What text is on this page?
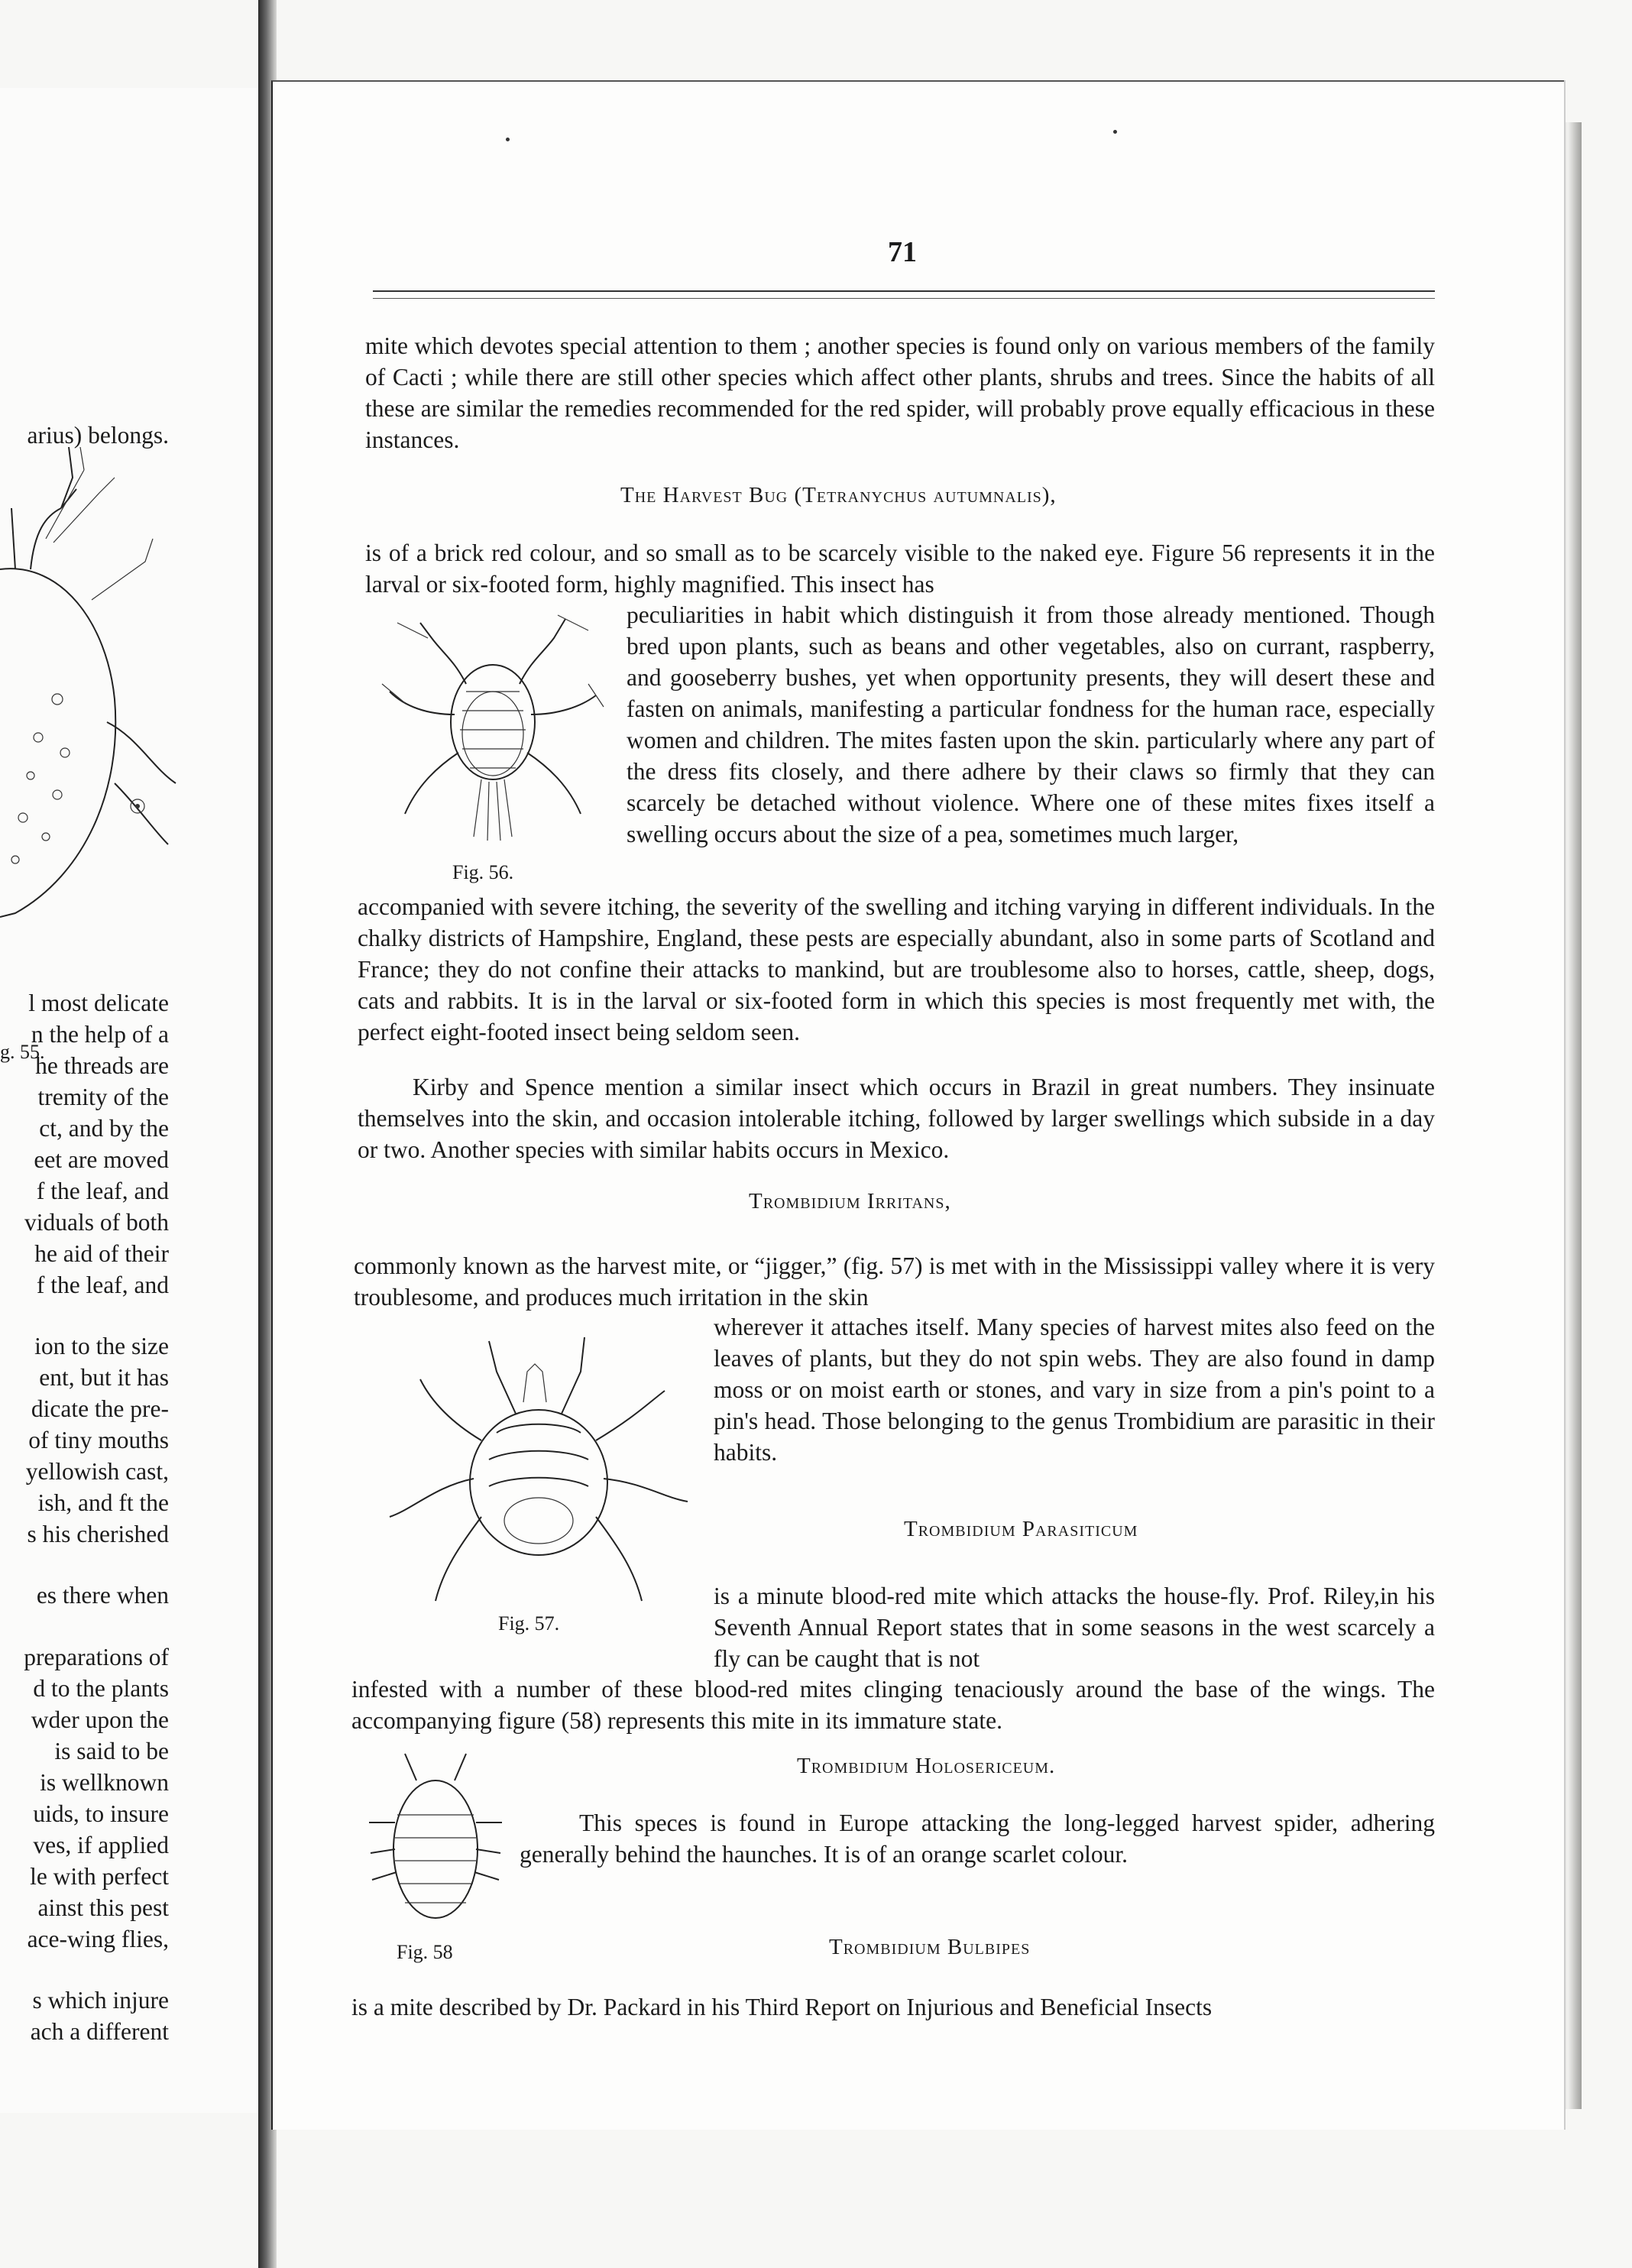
arius) belongs.
g. 55.
l most delicate
n the help of a
he threads are
tremity of the
ct, and by the
eet are moved
f the leaf, and
viduals of both
he aid of their
f the leaf, and
ion to the size
ent, but it has
dicate the pre-
of tiny mouths
yellowish cast,
ish, and ft the
s his cherished
es there when
preparations of
d to the plants
wder upon the
is said to be
is wellknown
uids, to insure
ves, if applied
le with perfect
ainst this pest
ace-wing flies,
s which injure
ach a different
71
mite which devotes special attention to them ; another species is found only on various members of the family of Cacti ; while there are still other species which affect other plants, shrubs and trees. Since the habits of all these are similar the remedies recommended for the red spider, will probably prove equally efficacious in these instances.
The Harvest Bug (Tetranychus autumnalis),
is of a brick red colour, and so small as to be scarcely visible to the naked eye. Figure 56 represents it in the larval or six-footed form, highly magnified. This insect has
Fig. 56.
peculiarities in habit which distinguish it from those already mentioned. Though bred upon plants, such as beans and other vegetables, also on currant, raspberry, and gooseberry bushes, yet when opportunity presents, they will desert these and fasten on animals, manifesting a particular fondness for the human race, especially women and children. The mites fasten upon the skin. particularly where any part of the dress fits closely, and there adhere by their claws so firmly that they can scarcely be detached without violence. Where one of these mites fixes itself a swelling occurs about the size of a pea, sometimes much larger,
accompanied with severe itching, the severity of the swelling and itching varying in different individuals. In the chalky districts of Hampshire, England, these pests are especially abundant, also in some parts of Scotland and France; they do not confine their attacks to mankind, but are troublesome also to horses, cattle, sheep, dogs, cats and rabbits. It is in the larval or six-footed form in which this species is most frequently met with, the perfect eight-footed insect being seldom seen.
Kirby and Spence mention a similar insect which occurs in Brazil in great numbers. They insinuate themselves into the skin, and occasion intolerable itching, followed by larger swellings which subside in a day or two. Another species with similar habits occurs in Mexico.
Trombidium Irritans,
commonly known as the harvest mite, or “jigger,” (fig. 57) is met with in the Mississippi valley where it is very troublesome, and produces much irritation in the skin
Fig. 57.
wherever it attaches itself. Many species of harvest mites also feed on the leaves of plants, but they do not spin webs. They are also found in damp moss or on moist earth or stones, and vary in size from a pin's point to a pin's head. Those belonging to the genus Trombidium are parasitic in their habits.
Trombidium Parasiticum
is a minute blood-red mite which attacks the house-fly. Prof. Riley,in his Seventh Annual Report states that in some seasons in the west scarcely a fly can be caught that is not
infested with a number of these blood-red mites clinging tenaciously around the base of the wings. The accompanying figure (58) represents this mite in its immature state.
Trombidium Holosericeum.
Fig. 58
This speces is found in Europe attacking the long-legged harvest spider, adhering generally behind the haunches. It is of an orange scarlet colour.
Trombidium Bulbipes
is a mite described by Dr. Packard in his Third Report on Injurious and Beneficial Insects
